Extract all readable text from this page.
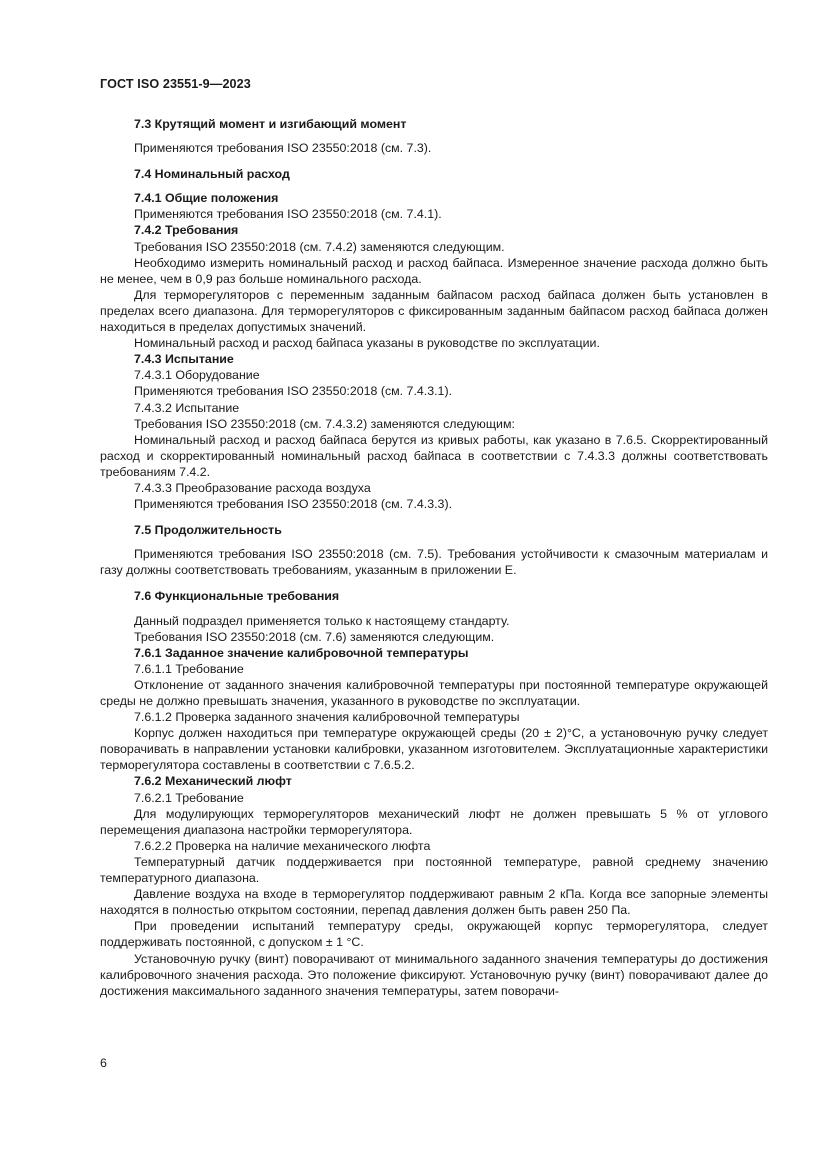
ГОСТ ISO 23551-9—2023

7.3 Крутящий момент и изгибающий момент

Применяются требования ISO 23550:2018 (см. 7.3).

7.4 Номинальный расход

7.4.1 Общие положения

Применяются требования ISO 23550:2018 (см. 7.4.1).

7.4.2 Требования

Требования ISO 23550:2018 (см. 7.4.2) заменяются следующим.

Необходимо измерить номинальный расход и расход байпаса. Измеренное значение расхода должно быть не менее, чем в 0,9 раз больше номинального расхода.

Для терморегуляторов с переменным заданным байпасом расход байпаса должен быть установлен в пределах всего диапазона. Для терморегуляторов с фиксированным заданным байпасом расход байпаса должен находиться в пределах допустимых значений.

Номинальный расход и расход байпаса указаны в руководстве по эксплуатации.

7.4.3 Испытание

7.4.3.1 Оборудование

Применяются требования ISO 23550:2018 (см. 7.4.3.1).

7.4.3.2 Испытание

Требования ISO 23550:2018 (см. 7.4.3.2) заменяются следующим:

Номинальный расход и расход байпаса берутся из кривых работы, как указано в 7.6.5. Скорректированный расход и скорректированный номинальный расход байпаса в соответствии с 7.4.3.3 должны соответствовать требованиям 7.4.2.

7.4.3.3 Преобразование расхода воздуха

Применяются требования ISO 23550:2018 (см. 7.4.3.3).

7.5 Продолжительность

Применяются требования ISO 23550:2018 (см. 7.5). Требования устойчивости к смазочным материалам и газу должны соответствовать требованиям, указанным в приложении E.

7.6 Функциональные требования

Данный подраздел применяется только к настоящему стандарту.

Требования ISO 23550:2018 (см. 7.6) заменяются следующим.

7.6.1 Заданное значение калибровочной температуры

7.6.1.1 Требование

Отклонение от заданного значения калибровочной температуры при постоянной температуре окружающей среды не должно превышать значения, указанного в руководстве по эксплуатации.

7.6.1.2 Проверка заданного значения калибровочной температуры

Корпус должен находиться при температуре окружающей среды (20 ± 2)°С, а установочную ручку следует поворачивать в направлении установки калибровки, указанном изготовителем. Эксплуатационные характеристики терморегулятора составлены в соответствии с 7.6.5.2.

7.6.2 Механический люфт

7.6.2.1 Требование

Для модулирующих терморегуляторов механический люфт не должен превышать 5 % от углового перемещения диапазона настройки терморегулятора.

7.6.2.2 Проверка на наличие механического люфта

Температурный датчик поддерживается при постоянной температуре, равной среднему значению температурного диапазона.

Давление воздуха на входе в терморегулятор поддерживают равным 2 кПа. Когда все запорные элементы находятся в полностью открытом состоянии, перепад давления должен быть равен 250 Па.

При проведении испытаний температуру среды, окружающей корпус терморегулятора, следует поддерживать постоянной, с допуском ± 1 °С.

Установочную ручку (винт) поворачивают от минимального заданного значения температуры до достижения калибровочного значения расхода. Это положение фиксируют. Установочную ручку (винт) поворачивают далее до достижения максимального заданного значения температуры, затем поворачи-

6
